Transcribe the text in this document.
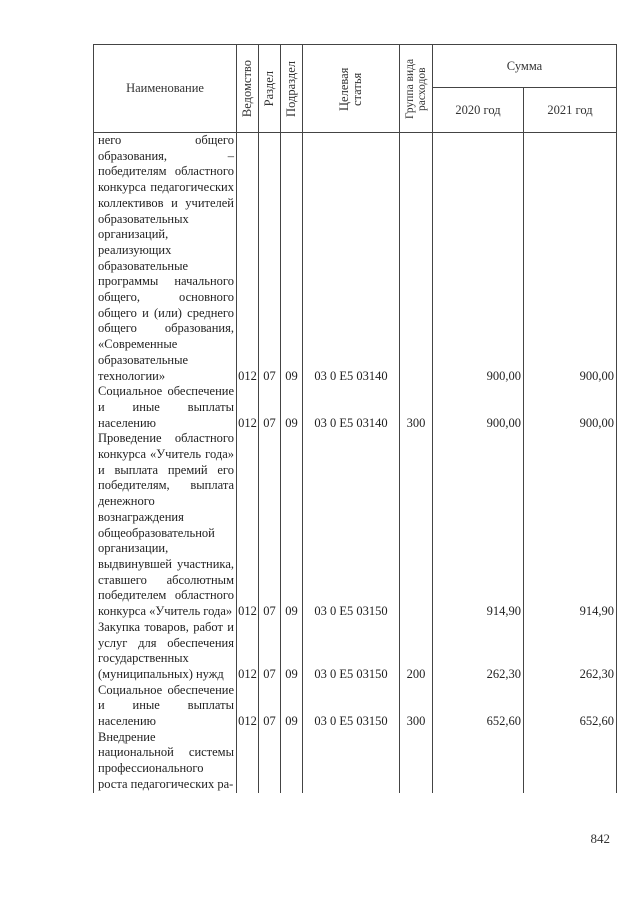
Наименование	Ведомство	Раздел	Подраздел	Целевая статья	Группа вида расходов	Сумма	
						2020 год	2021 год
него общего образования, – победителям областного конкурса педагогических коллективов и учителей образовательных организаций, реализующих образовательные программы начального общего, основного общего и (или) среднего общего образования, «Современные образовательные технологии»	012	07	09	03 0 E5 03140		900,00	900,00
Социальное обеспечение и иные выплаты населению	012	07	09	03 0 E5 03140	300	900,00	900,00
Проведение областного конкурса «Учитель года» и выплата премий его победителям, выплата денежного вознаграждения общеобразовательной организации, выдвинувшей участника, ставшего абсолютным победителем областного конкурса «Учитель года»	012	07	09	03 0 E5 03150		914,90	914,90
Закупка товаров, работ и услуг для обеспечения государственных (муниципальных) нужд	012	07	09	03 0 E5 03150	200	262,30	262,30
Социальное обеспечение и иные выплаты населению	012	07	09	03 0 E5 03150	300	652,60	652,60
Внедрение национальной системы профессионального роста педагогических ра-							
842
